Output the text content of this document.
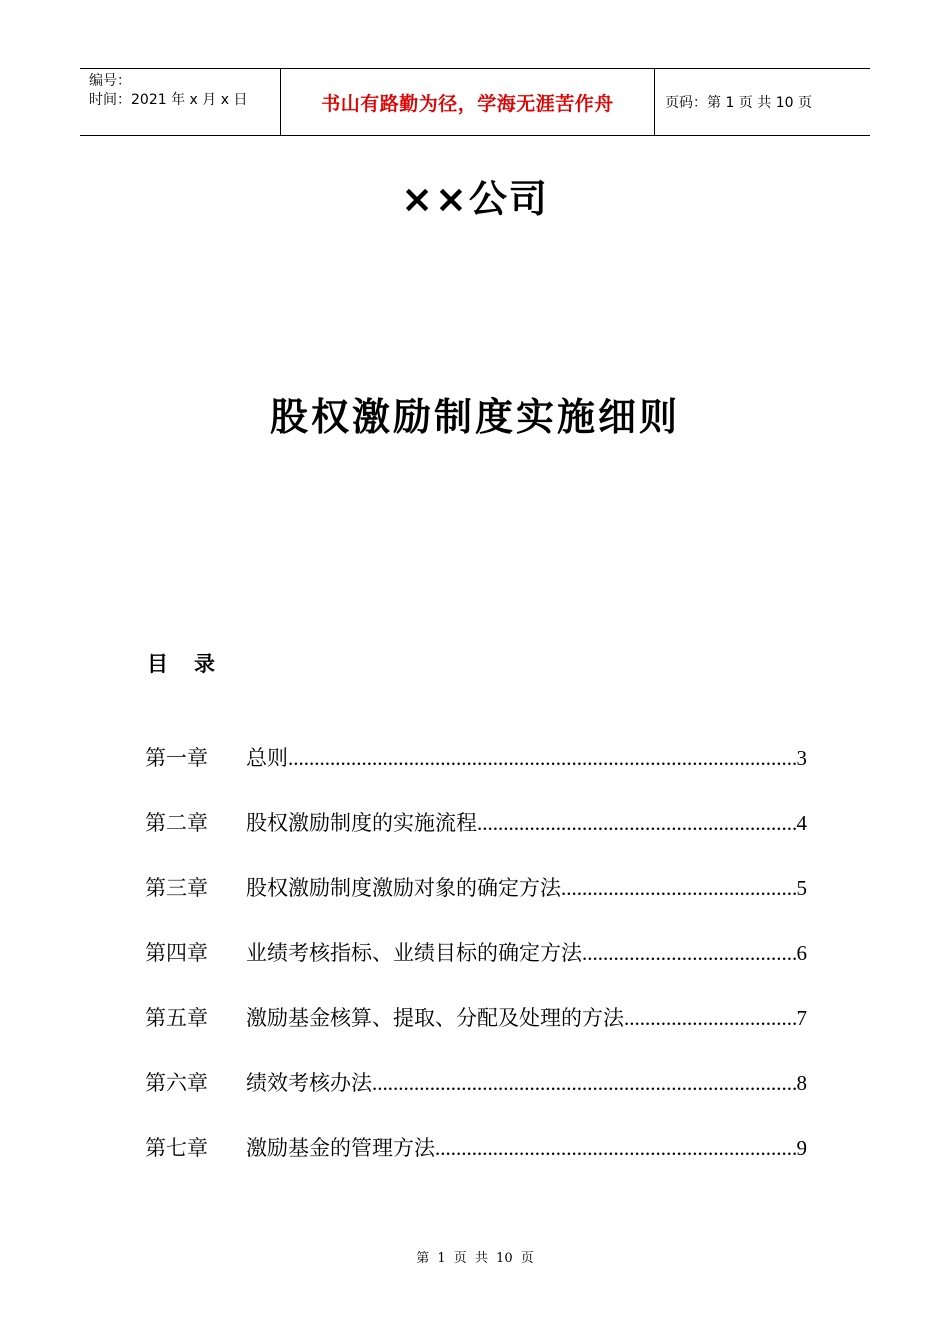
编号：
时间：2021 年 x 月 x 日	书山有路勤为径，学海无涯苦作舟	页码：第 1 页 共 10 页
××公司
股权激励制度实施细则
目录
第一章	总则 .....	3
第二章	股权激励制度的实施流程 .....	4
第三章	股权激励制度激励对象的确定方法 .....	5
第四章	业绩考核指标、业绩目标的确定方法 .....	6
第五章	激励基金核算、提取、分配及处理的方法 .....	7
第六章	绩效考核办法 .....	8
第七章	激励基金的管理方法 .....	9
第 1 页 共 10 页
